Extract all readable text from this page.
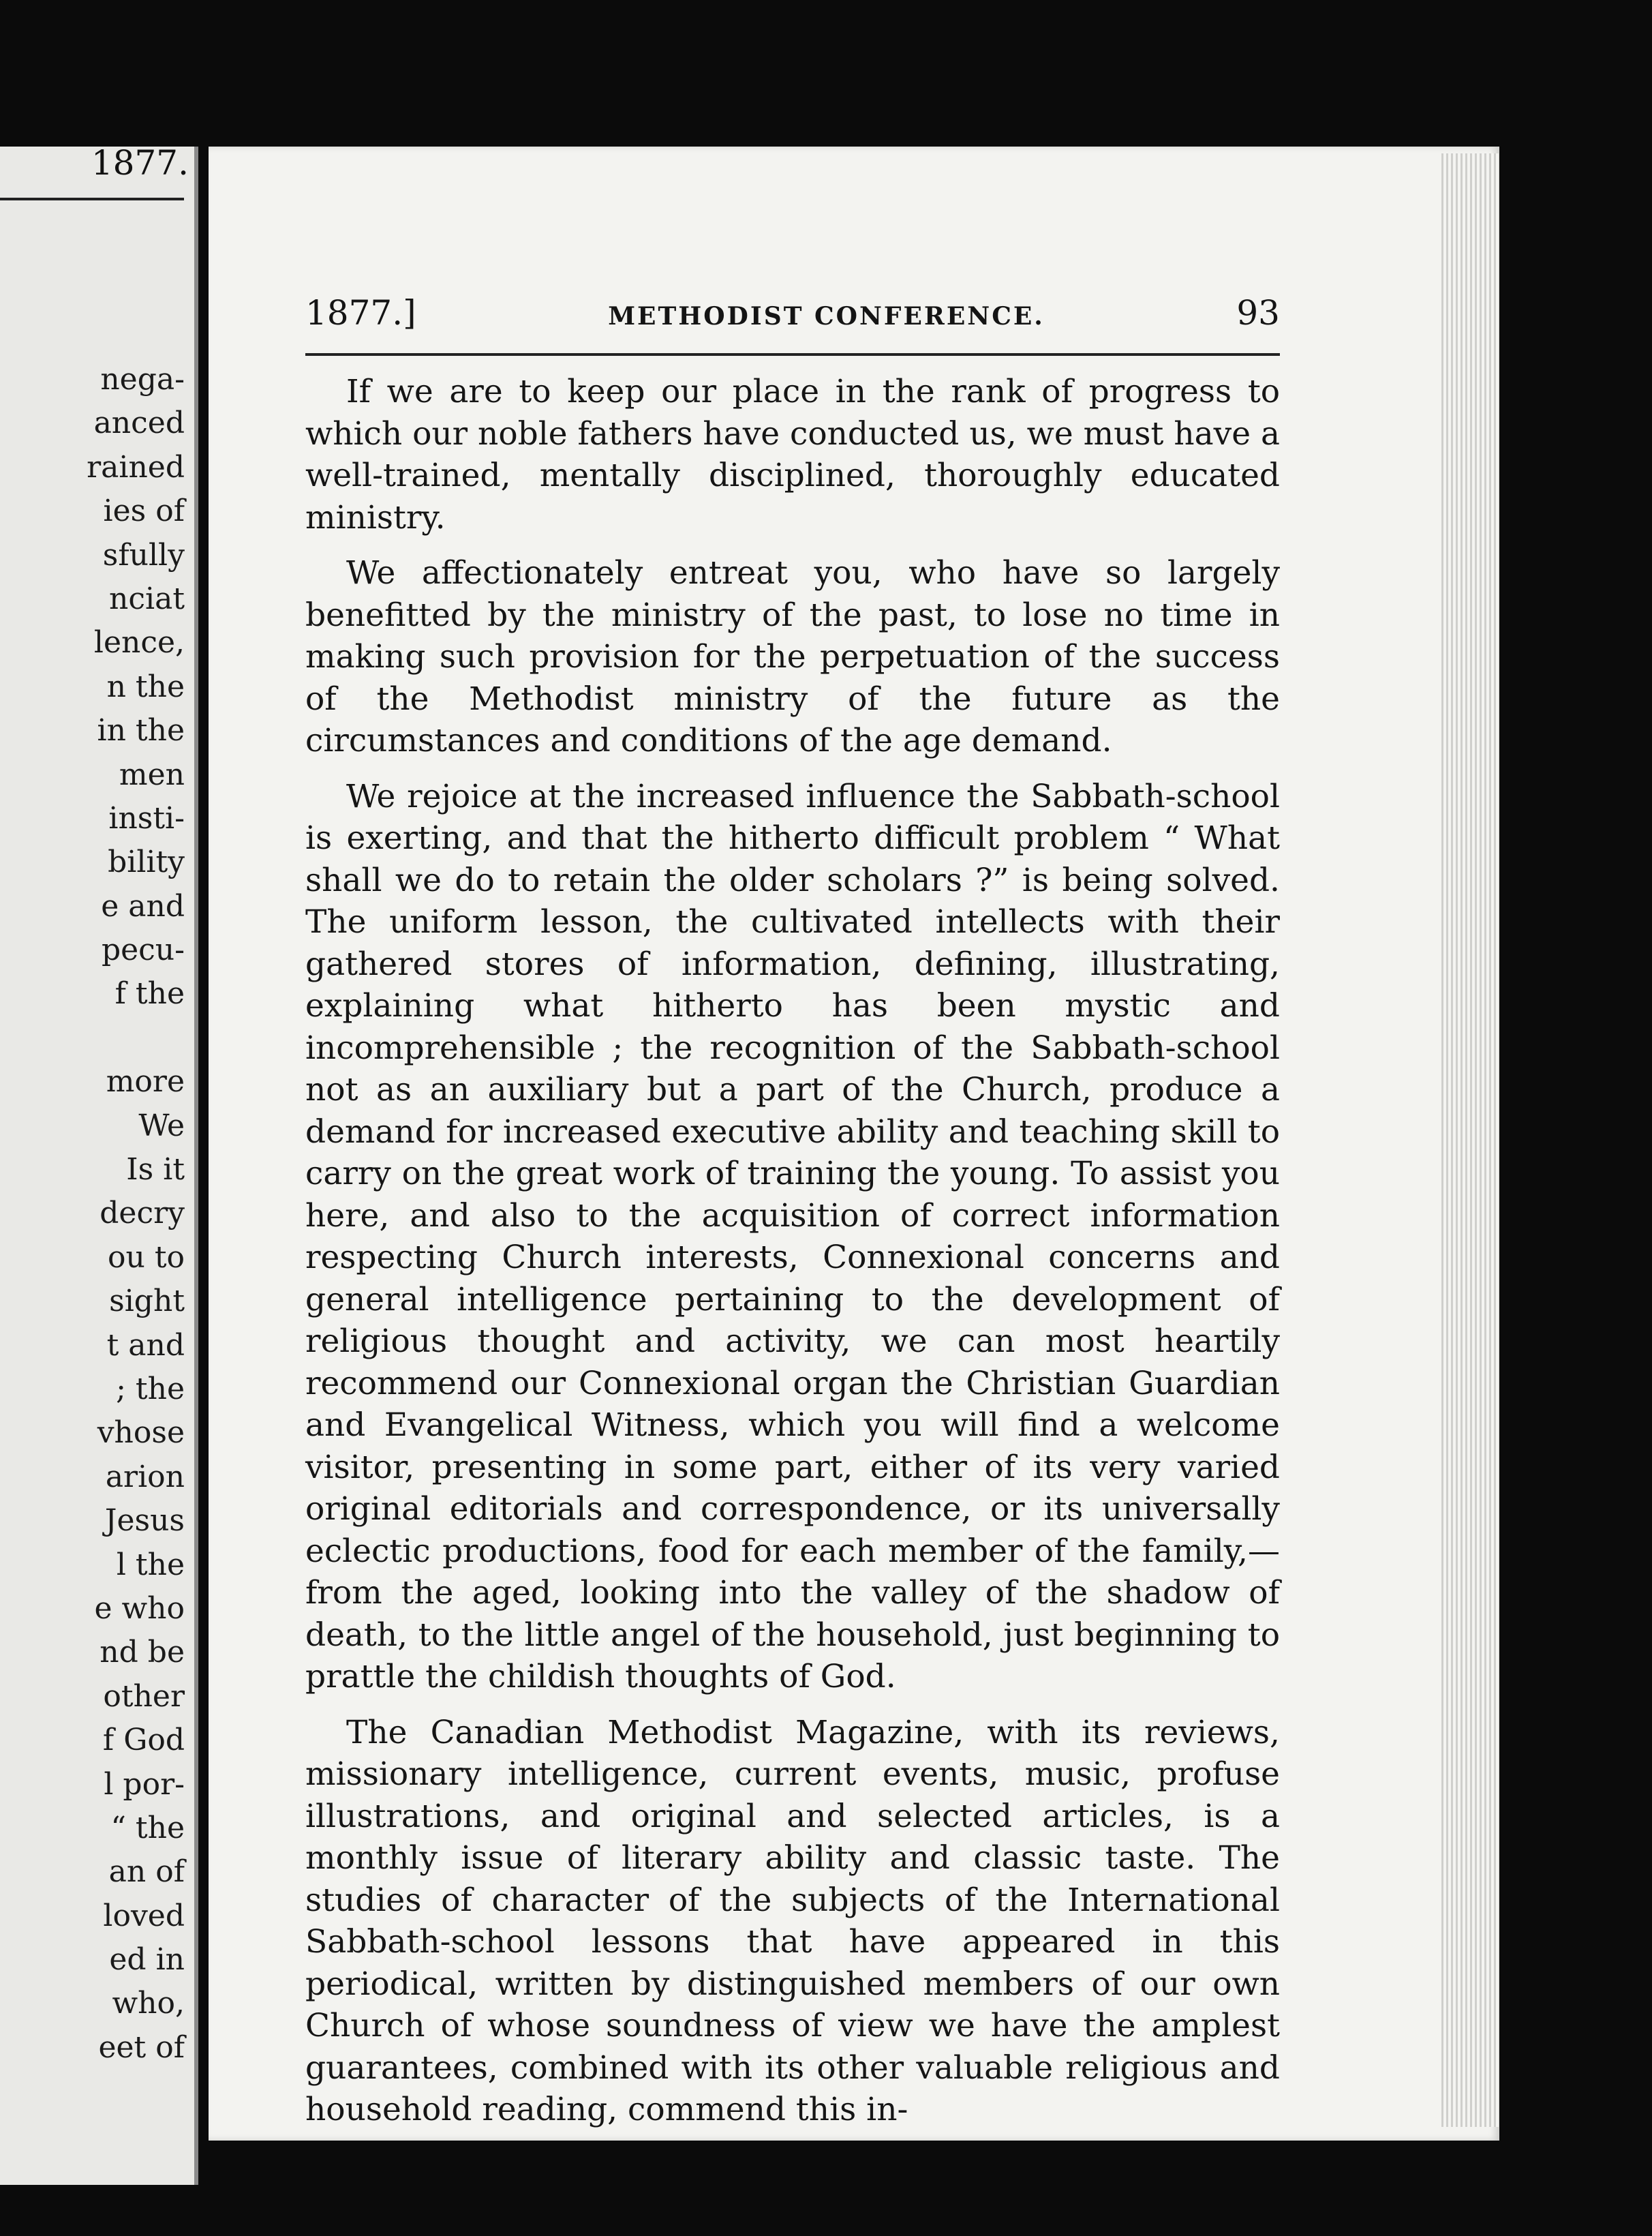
1877.
nega-
anced
rained
ies of
sfully
nciat
lence,
n the
in the
men
insti-
bility
e and
pecu-
f the
more
We
Is it
decry
ou to
sight
t and
; the
vhose
arion
Jesus
l the
e who
nd be
other
f God
l por-
“ the
an of
loved
ed in
who,
eet of
1877.]	METHODIST CONFERENCE.	93

If we are to keep our place in the rank of progress to which our noble fathers have conducted us, we must have a well-trained, mentally disciplined, thoroughly educated ministry.

We affectionately entreat you, who have so largely benefitted by the ministry of the past, to lose no time in making such provision for the perpetuation of the success of the Methodist ministry of the future as the circumstances and conditions of the age demand.

We rejoice at the increased influence the Sabbath-school is exerting, and that the hitherto difficult problem “ What shall we do to retain the older scholars ?” is being solved. The uniform lesson, the cultivated intellects with their gathered stores of information, defining, illustrating, explaining what hitherto has been mystic and incomprehensible ; the recognition of the Sabbath-school not as an auxiliary but a part of the Church, produce a demand for increased executive ability and teaching skill to carry on the great work of training the young. To assist you here, and also to the acquisition of correct information respecting Church interests, Connexional concerns and general intelligence pertaining to the development of religious thought and activity, we can most heartily recommend our Connexional organ the Christian Guardian and Evangelical Witness, which you will find a welcome visitor, presenting in some part, either of its very varied original editorials and correspondence, or its universally eclectic productions, food for each member of the family,—from the aged, looking into the valley of the shadow of death, to the little angel of the household, just beginning to prattle the childish thoughts of God.

The Canadian Methodist Magazine, with its reviews, missionary intelligence, current events, music, profuse illustrations, and original and selected articles, is a monthly issue of literary ability and classic taste. The studies of character of the subjects of the International Sabbath-school lessons that have appeared in this periodical, written by distinguished members of our own Church of whose soundness of view we have the amplest guarantees, combined with its other valuable religious and household reading, commend this in-
